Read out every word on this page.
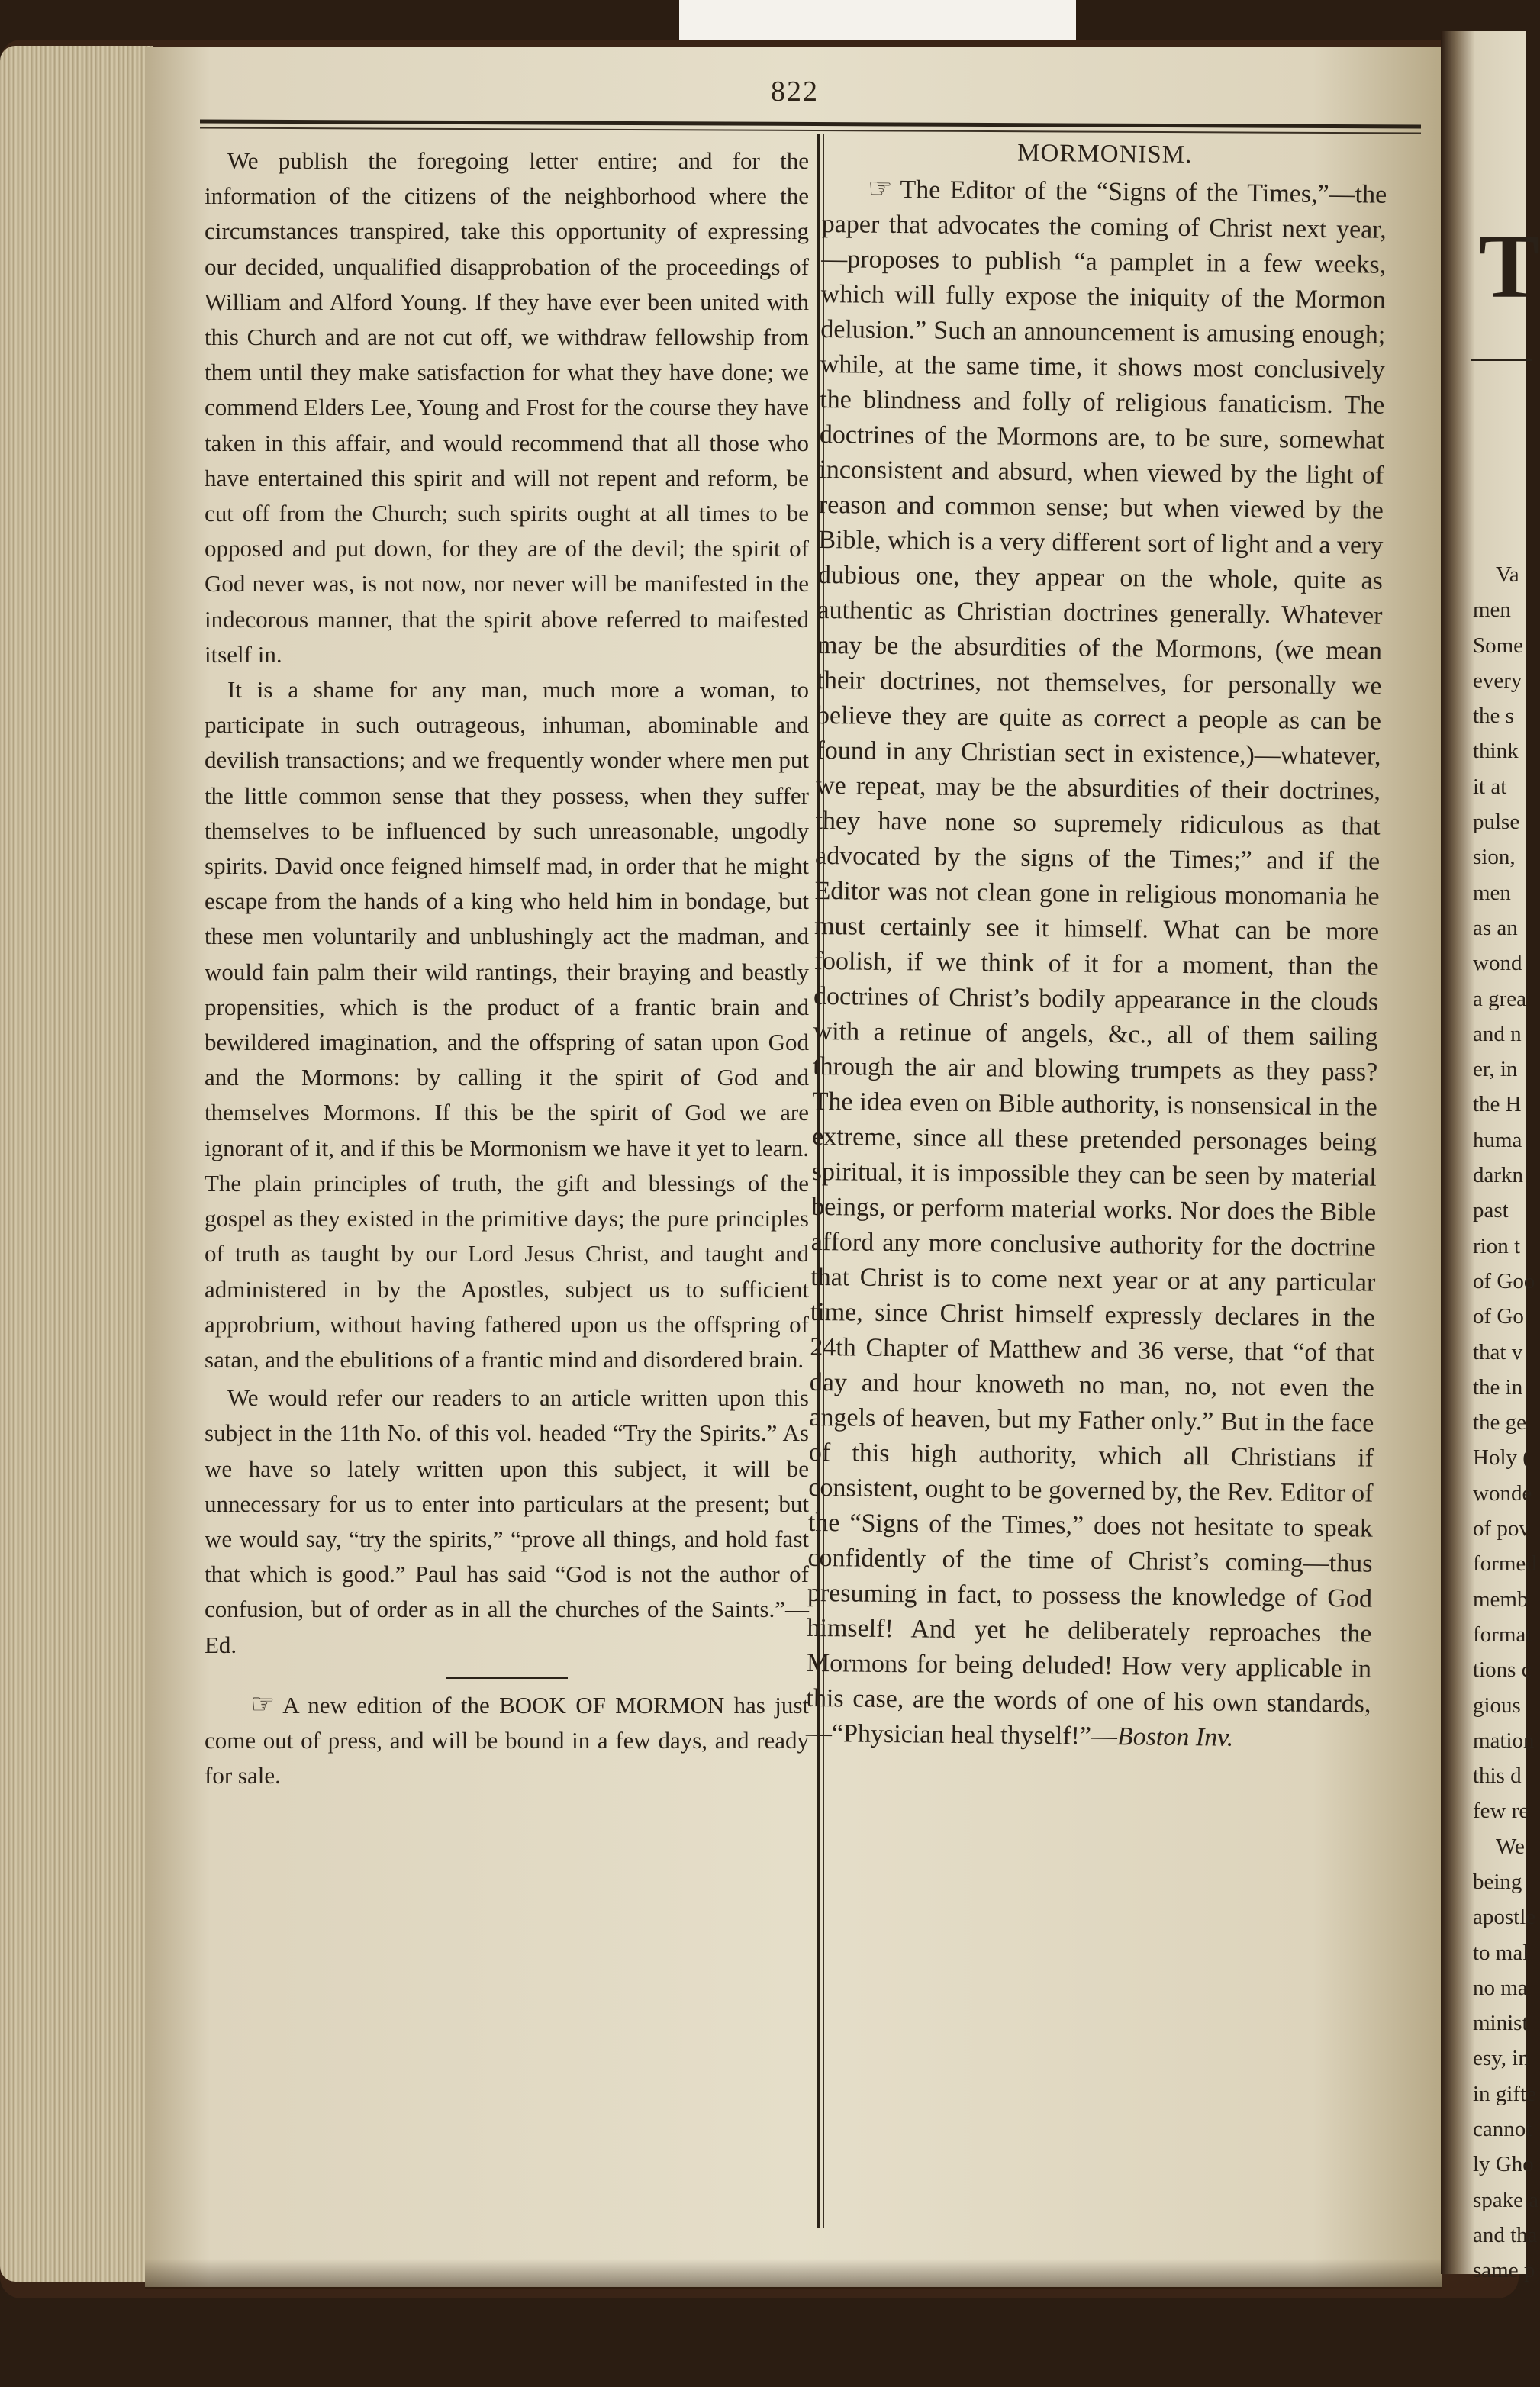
T
Va
men
Some
every
the s
think
it at
pulse
sion,
men
as an
wond
a grea
and n
er, in
the H
huma
darkn
past
rion t
of Goo
of Go
that v
the in
the ge
Holy (
wonde
of pov
formed
memb
format
tions c
gious
mation
this d
few re
We
being
apostle
to mal
no ma
minist
esy, in
in gifte
cannot
ly Gho
spake a
and tha
same p
822

We publish the foregoing letter entire; and for the information of the citizens of the neighborhood where the circumstances transpired, take this opportunity of expressing our decided, unqualified disapprobation of the proceedings of William and Alford Young. If they have ever been united with this Church and are not cut off, we withdraw fellowship from them until they make satisfaction for what they have done; we commend Elders Lee, Young and Frost for the course they have taken in this affair, and would recommend that all those who have entertained this spirit and will not repent and reform, be cut off from the Church; such spirits ought at all times to be opposed and put down, for they are of the devil; the spirit of God never was, is not now, nor never will be manifested in the indecorous manner, that the spirit above referred to maifested itself in.

It is a shame for any man, much more a woman, to participate in such outrageous, inhuman, abominable and devilish transactions; and we frequently wonder where men put the little common sense that they possess, when they suffer themselves to be influenced by such unreasonable, ungodly spirits. David once feigned himself mad, in order that he might escape from the hands of a king who held him in bondage, but these men voluntarily and unblushingly act the madman, and would fain palm their wild rantings, their braying and beastly propensities, which is the product of a frantic brain and bewildered imagination, and the offspring of satan upon God and the Mormons: by calling it the spirit of God and themselves Mormons. If this be the spirit of God we are ignorant of it, and if this be Mormonism we have it yet to learn. The plain principles of truth, the gift and blessings of the gospel as they existed in the primitive days; the pure principles of truth as taught by our Lord Jesus Christ, and taught and administered in by the Apostles, subject us to sufficient approbrium, without having fathered upon us the offspring of satan, and the ebulitions of a frantic mind and disordered brain.

We would refer our readers to an article written upon this subject in the 11th No. of this vol. headed “Try the Spirits.” As we have so lately written upon this subject, it will be unnecessary for us to enter into particulars at the present; but we would say, “try the spirits,” “prove all things, and hold fast that which is good.” Paul has said “God is not the author of confusion, but of order as in all the churches of the Saints.”—Ed.

☞ A new edition of the BOOK OF MORMON has just come out of press, and will be bound in a few days, and ready for sale.

MORMONISM.

☞ The Editor of the “Signs of the Times,”—the paper that advocates the coming of Christ next year,—proposes to publish “a pamplet in a few weeks, which will fully expose the iniquity of the Mormon delusion.” Such an announcement is amusing enough; while, at the same time, it shows most conclusively the blindness and folly of religious fanaticism. The doctrines of the Mormons are, to be sure, somewhat inconsistent and absurd, when viewed by the light of reason and common sense; but when viewed by the Bible, which is a very different sort of light and a very dubious one, they appear on the whole, quite as authentic as Christian doctrines generally. Whatever may be the absurdities of the Mormons, (we mean their doctrines, not themselves, for personally we believe they are quite as correct a people as can be found in any Christian sect in existence,)—whatever, we repeat, may be the absurdities of their doctrines, they have none so supremely ridiculous as that advocated by the signs of the Times;” and if the Editor was not clean gone in religious monomania he must certainly see it himself. What can be more foolish, if we think of it for a moment, than the doctrines of Christ’s bodily appearance in the clouds with a retinue of angels, &c., all of them sailing through the air and blowing trumpets as they pass? The idea even on Bible authority, is nonsensical in the extreme, since all these pretended personages being spiritual, it is impossible they can be seen by material beings, or perform material works. Nor does the Bible afford any more conclusive authority for the doctrine that Christ is to come next year or at any particular time, since Christ himself expressly declares in the 24th Chapter of Matthew and 36 verse, that “of that day and hour knoweth no man, no, not even the angels of heaven, but my Father only.” But in the face of this high authority, which all Christians if consistent, ought to be governed by, the Rev. Editor of the “Signs of the Times,” does not hesitate to speak confidently of the time of Christ’s coming—thus presuming in fact, to possess the knowledge of God himself! And yet he deliberately reproaches the Mormons for being deluded! How very applicable in this case, are the words of one of his own standards,—“Physician heal thyself!”—Boston Inv.
